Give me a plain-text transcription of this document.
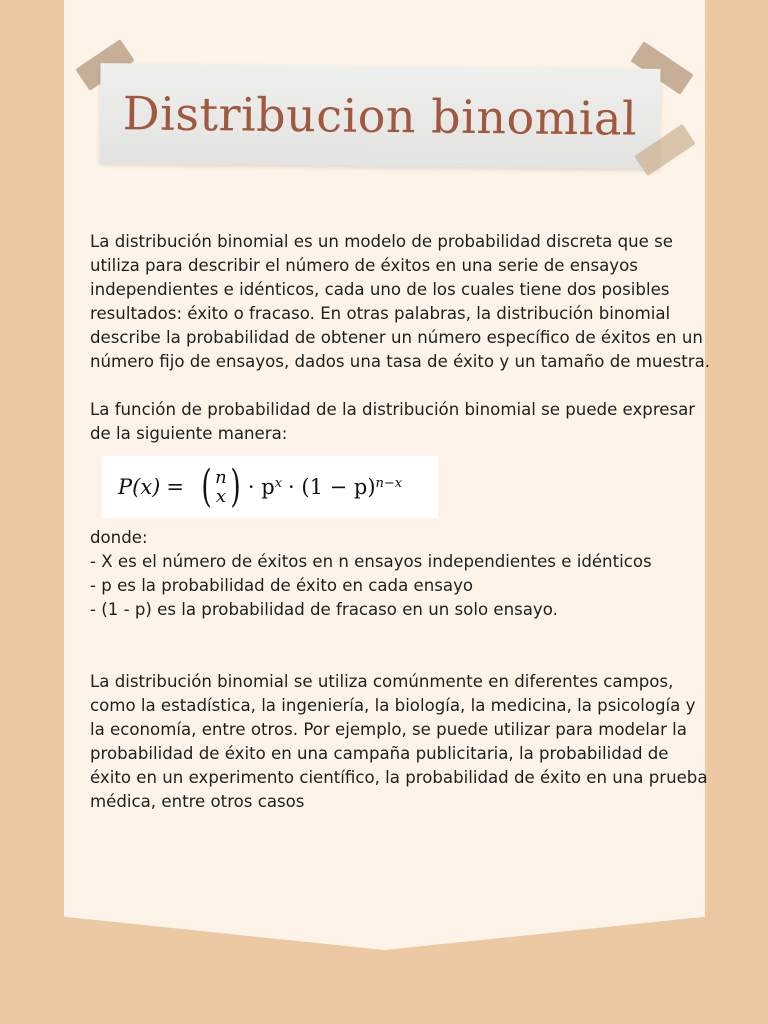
Distribucion binomial

La distribución binomial es un modelo de probabilidad discreta que se utiliza para describir el número de éxitos en una serie de ensayos independientes e idénticos, cada uno de los cuales tiene dos posibles resultados: éxito o fracaso. En otras palabras, la distribución binomial describe la probabilidad de obtener un número específico de éxitos en un número fijo de ensayos, dados una tasa de éxito y un tamaño de muestra.

La función de probabilidad de la distribución binomial se puede expresar de la siguiente manera:

P(x) = ( n
x ) · $p^x \cdot (1 - p)^{n-x}$

donde:

- X es el número de éxitos en n ensayos independientes e idénticos

- p es la probabilidad de éxito en cada ensayo

- (1 - p) es la probabilidad de fracaso en un solo ensayo.

La distribución binomial se utiliza comúnmente en diferentes campos, como la estadística, la ingeniería, la biología, la medicina, la psicología y la economía, entre otros. Por ejemplo, se puede utilizar para modelar la probabilidad de éxito en una campaña publicitaria, la probabilidad de éxito en un experimento científico, la probabilidad de éxito en una prueba médica, entre otros casos
